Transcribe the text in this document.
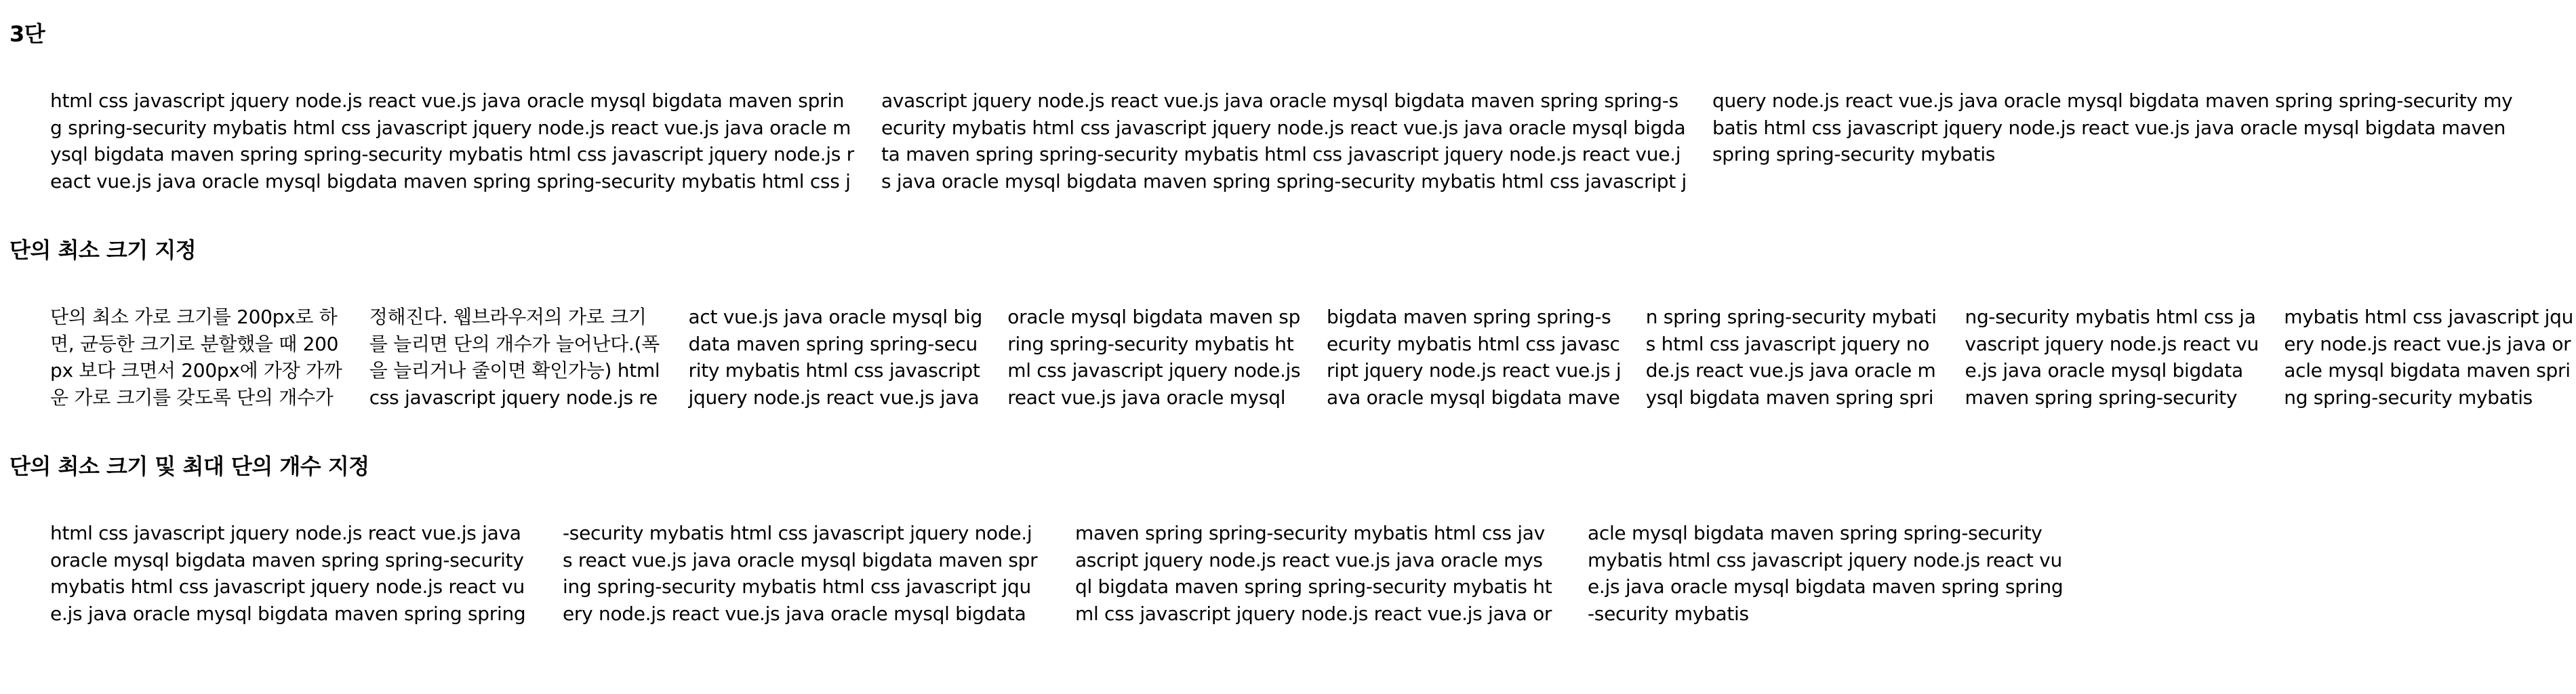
3단
html css javascript jquery node.js react vue.js java oracle mysql bigdata maven spring spring-security mybatis html css javascript jquery node.js react vue.js java oracle mysql bigdata maven spring spring-security mybatis html css javascript jquery node.js react vue.js java oracle mysql bigdata maven spring spring-security mybatis html css javascript jquery node.js react vue.js java oracle mysql bigdata maven spring spring-security mybatis html css javascript jquery node.js react vue.js java oracle mysql bigdata maven spring spring-security mybatis html css javascript jquery node.js react vue.js java oracle mysql bigdata maven spring spring-security mybatis html css javascript jquery node.js react vue.js java oracle mysql bigdata maven spring spring-security mybatis html css javascript jquery node.js react vue.js java oracle mysql bigdata maven spring spring-security mybatis
단의 최소 크기 지정
단의 최소 가로 크기를 200px로 하면, 균등한 크기로 분할했을 때 200px 보다 크면서 200px에 가장 가까운 가로 크기를 갖도록 단의 개수가 정해진다. 웹브라우저의 가로 크기를 늘리면 단의 개수가 늘어난다.(폭을 늘리거나 줄이면 확인가능) html css javascript jquery node.js react vue.js java oracle mysql bigdata maven spring spring-security mybatis html css javascript jquery node.js react vue.js java oracle mysql bigdata maven spring spring-security mybatis html css javascript jquery node.js react vue.js java oracle mysql bigdata maven spring spring-security mybatis html css javascript jquery node.js react vue.js java oracle mysql bigdata maven spring spring-security mybatis html css javascript jquery node.js react vue.js java oracle mysql bigdata maven spring spring-security mybatis html css javascript jquery node.js react vue.js java oracle mysql bigdata maven spring spring-security mybatis html css javascript jquery node.js react vue.js java oracle mysql bigdata maven spring spring-security mybatis
단의 최소 크기 및 최대 단의 개수 지정
html css javascript jquery node.js react vue.js java oracle mysql bigdata maven spring spring-security mybatis html css javascript jquery node.js react vue.js java oracle mysql bigdata maven spring spring-security mybatis html css javascript jquery node.js react vue.js java oracle mysql bigdata maven spring spring-security mybatis html css javascript jquery node.js react vue.js java oracle mysql bigdata maven spring spring-security mybatis html css javascript jquery node.js react vue.js java oracle mysql bigdata maven spring spring-security mybatis html css javascript jquery node.js react vue.js java oracle mysql bigdata maven spring spring-security mybatis html css javascript jquery node.js react vue.js java oracle mysql bigdata maven spring spring-security mybatis
